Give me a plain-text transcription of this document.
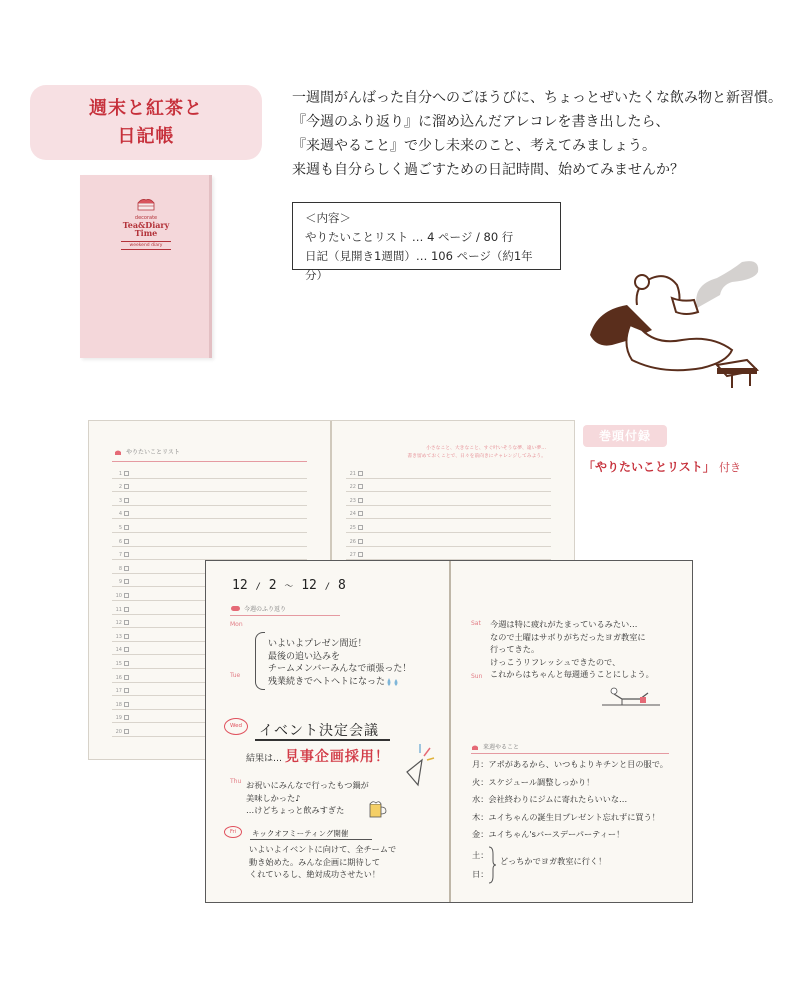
週末と紅茶と
日記帳
decorate
Tea&Diary
Time
weekend diary

一週間がんばった自分へのごほうびに、ちょっとぜいたくな飲み物と新習慣。

『今週のふり返り』に溜め込んだアレコレを書き出したら、

『来週やること』で少し未来のこと、考えてみましょう。

来週も自分らしく過ごすための日記時間、始めてみませんか？

＜内容＞
やりたいことリスト … 4 ページ / 80 行
日記（見開き1週間）… 106 ページ（約1年分）
やりたいことリスト
1
2
3
4
5
6
7
8
9
10
11
12
13
14
15
16
17
18
19
20
小さなこと、大きなこと、すぐ叶いそうな夢、遠い夢…
書き留めておくことで、日々を前向きにチャレンジしてみよう。
21
22
23
24
25
26
27
巻頭付録
「やりたいことリスト」 付き
12 / 2 ～ 12 / 8
今週のふり返り
Mon
Tue
いよいよプレゼン間近！
最後の追い込みを
チームメンバーみんなで頑張った！
残業続きでヘトヘトになった
Wed	イベント決定会議
結果は… 見事企画採用！
Thu お祝いにみんなで行ったもつ鍋が
美味しかった♪
…けどちょっと飲みすぎた
Fri	キックオフミーティング開催
いよいよイベントに向けて、全チームで
動き始めた。みんな企画に期待して
くれているし、絶対成功させたい！
Sat
Sun
今週は特に疲れがたまっているみたい…
なので土曜はサボりがちだったヨガ教室に
行ってきた。
けっこうリフレッシュできたので、
これからはちゃんと毎週通うことにしよう。
来週やること
月：アポがあるから、いつもよりキチンと目の服で。
火：スケジュール調整しっかり！
水：会社終わりにジムに寄れたらいいな…
木：ユイちゃんの誕生日プレゼント忘れずに買う！
金：ユイちゃん'sバースデーパーティー！
土：
日：
どっちかでヨガ教室に行く！
